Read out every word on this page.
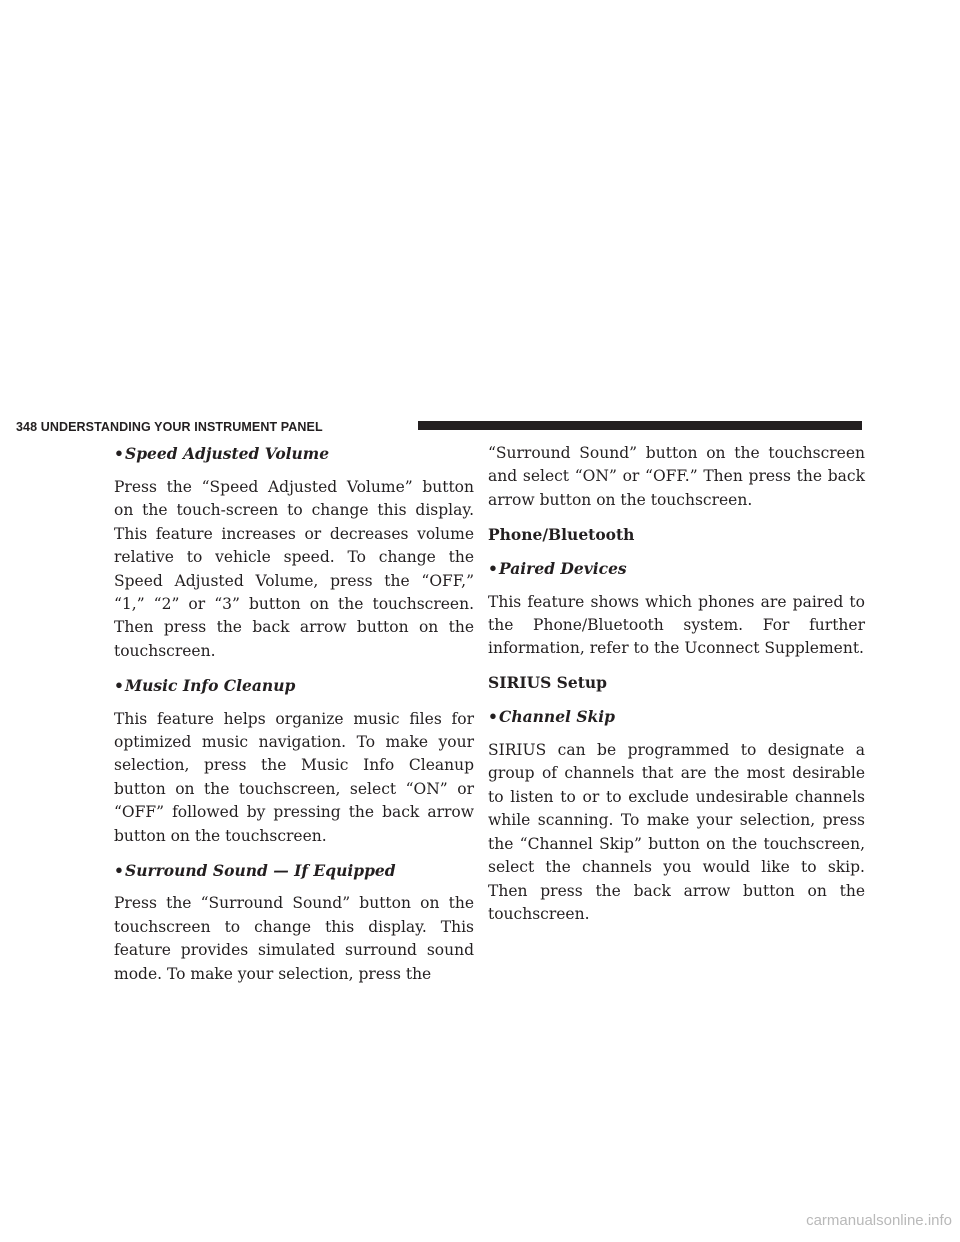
348 UNDERSTANDING YOUR INSTRUMENT PANEL
• Speed Adjusted Volume

Press the “Speed Adjusted Volume” button on the touch-screen to change this display. This feature increases or decreases volume relative to vehicle speed. To change the Speed Adjusted Volume, press the “OFF,” “1,” “2” or “3” button on the touchscreen. Then press the back arrow button on the touchscreen.

• Music Info Cleanup

This feature helps organize music files for optimized music navigation. To make your selection, press the Music Info Cleanup button on the touchscreen, select “ON” or “OFF” followed by pressing the back arrow button on the touchscreen.

• Surround Sound — If Equipped

Press the “Surround Sound” button on the touchscreen to change this display. This feature provides simulated surround sound mode. To make your selection, press the

“Surround Sound” button on the touchscreen and select “ON” or “OFF.” Then press the back arrow button on the touchscreen.

Phone/Bluetooth
• Paired Devices

This feature shows which phones are paired to the Phone/Bluetooth system. For further information, refer to the Uconnect Supplement.

SIRIUS Setup
• Channel Skip

SIRIUS can be programmed to designate a group of channels that are the most desirable to listen to or to exclude undesirable channels while scanning. To make your selection, press the “Channel Skip” button on the touchscreen, select the channels you would like to skip. Then press the back arrow button on the touchscreen.

carmanualsonline.info
